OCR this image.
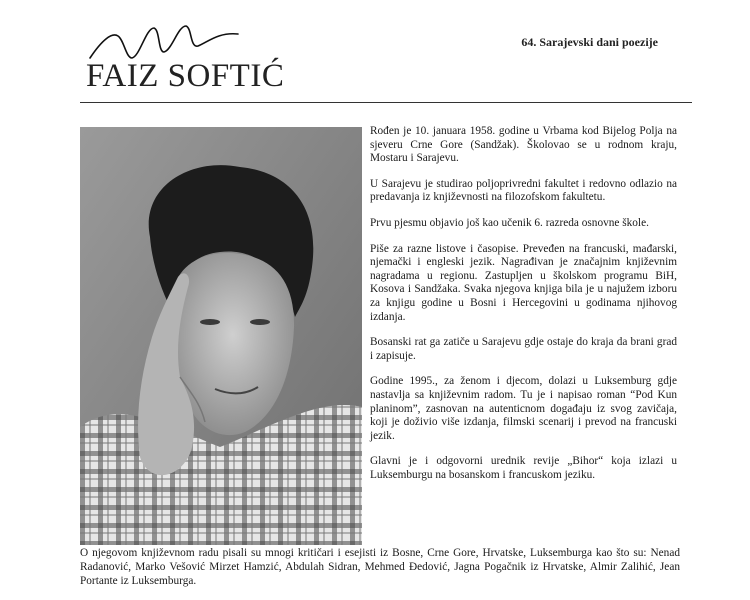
FAIZ SOFTIĆ
64. Sarajevski dani poezije

Rođen je 10. januara 1958. godine u Vrbama kod Bijelog Polja na sjeveru Crne Gore (Sandžak). Školovao se u rodnom kraju, Mostaru i Sarajevu.

U Sarajevu je studirao poljoprivredni fakultet i redovno odlazio na predavanja iz književnosti na filozofskom fakultetu.

Prvu pjesmu objavio još kao učenik 6. razreda osnovne škole.

Piše za razne listove i časopise. Preveđen na francuski, mađarski, njemački i engleski jezik. Nagrađivan je značajnim književnim nagradama u regionu. Zastupljen u školskom programu BiH, Kosova i Sandžaka. Svaka njegova knjiga bila je u najužem izboru za knjigu godine u Bosni i Hercegovini u godinama njihovog izdanja.

Bosanski rat ga zatiče u Sarajevu gdje ostaje do kraja da brani grad i zapisuje.

Godine 1995., za ženom i djecom, dolazi u Luksemburg gdje nastavlja sa književnim radom. Tu je i napisao roman “Pod Kun planinom”, zasnovan na autenticnom događaju iz svog zavičaja, koji je doživio više izdanja, filmski scenarij i prevod na francuski jezik.

Glavni je i odgovorni urednik revije „Bihor“ koja izlazi u Luksemburgu na bosanskom i francuskom jeziku.

O njegovom književnom radu pisali su mnogi kritičari i esejisti iz Bosne, Crne Gore, Hrvatske, Luksemburga kao što su: Nenad Radanović, Marko Vešović Mirzet Hamzić, Abdulah Sidran, Mehmed Đedović, Jagna Pogačnik iz Hrvatske, Almir Zalihić, Jean Portante iz Luksemburga.
